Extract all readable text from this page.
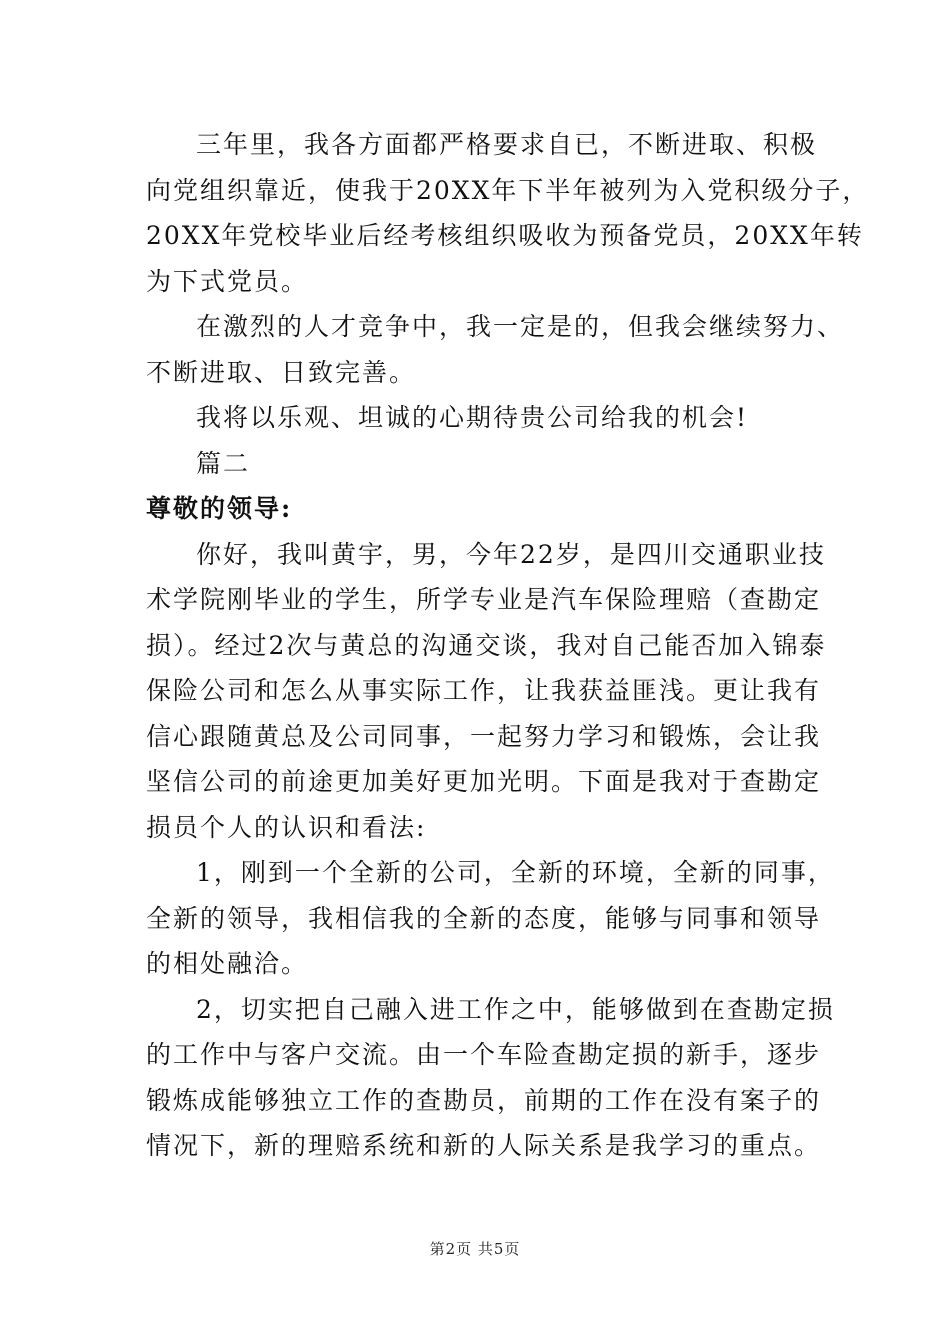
三年里，我各方面都严格要求自已，不断进取、积极
向党组织靠近，使我于20XX年下半年被列为入党积级分子，
20XX年党校毕业后经考核组织吸收为预备党员，20XX年转
为下式党员。

在激烈的人才竞争中，我一定是的，但我会继续努力、
不断进取、日致完善。

我将以乐观、坦诚的心期待贵公司给我的机会!

篇二

尊敬的领导:

你好，我叫黄宇，男，今年22岁，是四川交通职业技
术学院刚毕业的学生，所学专业是汽车保险理赔（查勘定
损）。经过2次与黄总的沟通交谈，我对自己能否加入锦泰
保险公司和怎么从事实际工作，让我获益匪浅。更让我有
信心跟随黄总及公司同事，一起努力学习和锻炼，会让我
坚信公司的前途更加美好更加光明。下面是我对于查勘定
损员个人的认识和看法:

1，刚到一个全新的公司，全新的环境，全新的同事，
全新的领导，我相信我的全新的态度，能够与同事和领导
的相处融洽。

2，切实把自己融入进工作之中，能够做到在查勘定损
的工作中与客户交流。由一个车险查勘定损的新手，逐步
锻炼成能够独立工作的查勘员，前期的工作在没有案子的
情况下，新的理赔系统和新的人际关系是我学习的重点。

第2页 共5页
